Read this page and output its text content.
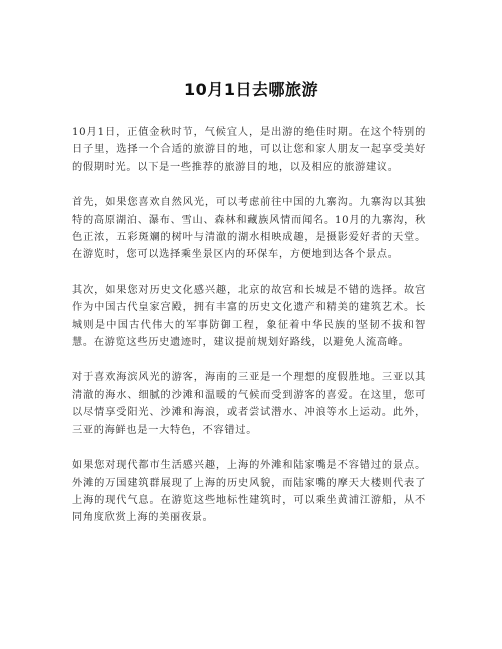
10月1日去哪旅游

10月1日，正值金秋时节，气候宜人，是出游的绝佳时期。在这个特别的日子里，选择一个合适的旅游目的地，可以让您和家人朋友一起享受美好的假期时光。以下是一些推荐的旅游目的地，以及相应的旅游建议。

首先，如果您喜欢自然风光，可以考虑前往中国的九寨沟。九寨沟以其独特的高原湖泊、瀑布、雪山、森林和藏族风情而闻名。10月的九寨沟，秋色正浓，五彩斑斓的树叶与清澈的湖水相映成趣，是摄影爱好者的天堂。在游览时，您可以选择乘坐景区内的环保车，方便地到达各个景点。

其次，如果您对历史文化感兴趣，北京的故宫和长城是不错的选择。故宫作为中国古代皇家宫殿，拥有丰富的历史文化遗产和精美的建筑艺术。长城则是中国古代伟大的军事防御工程，象征着中华民族的坚韧不拔和智慧。在游览这些历史遗迹时，建议提前规划好路线，以避免人流高峰。

对于喜欢海滨风光的游客，海南的三亚是一个理想的度假胜地。三亚以其清澈的海水、细腻的沙滩和温暖的气候而受到游客的喜爱。在这里，您可以尽情享受阳光、沙滩和海浪，或者尝试潜水、冲浪等水上运动。此外，三亚的海鲜也是一大特色，不容错过。

如果您对现代都市生活感兴趣，上海的外滩和陆家嘴是不容错过的景点。外滩的万国建筑群展现了上海的历史风貌，而陆家嘴的摩天大楼则代表了上海的现代气息。在游览这些地标性建筑时，可以乘坐黄浦江游船，从不同角度欣赏上海的美丽夜景。
